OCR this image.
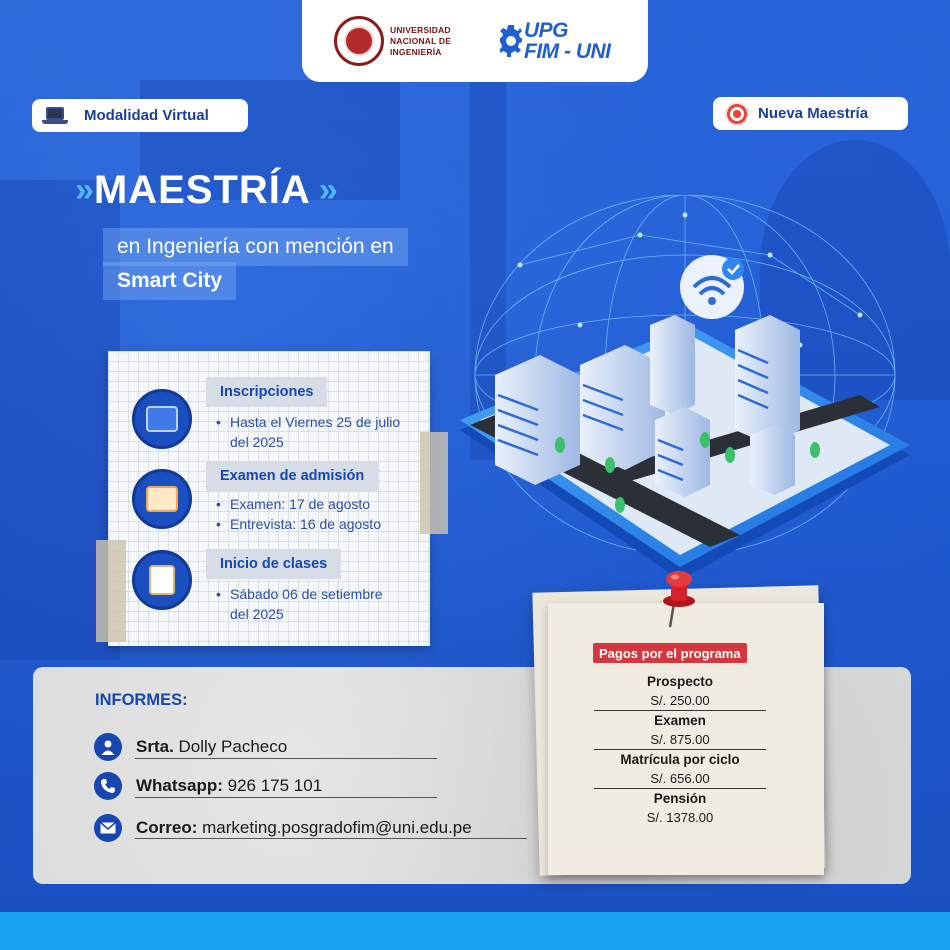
UNIVERSIDAD
NACIONAL DE
INGENIERÍA
UPG
FIM - UNI
Modalidad Virtual	Nueva Maestría
» MAESTRÍA »
en Ingeniería con mención en
Smart City
Inscripciones
• Hasta el Viernes 25 de julio del 2025
Examen de admisión
• Examen: 17 de agosto
• Entrevista: 16 de agosto
Inicio de clases
• Sábado 06 de setiembre del 2025
INFORMES:
Srta. Dolly Pacheco
Whatsapp: 926 175 101
Correo: marketing.posgradofim@uni.edu.pe
Pagos por el programa
Prospecto
S/. 250.00
Examen
S/. 875.00
Matrícula por ciclo
S/. 656.00
Pensión
S/. 1378.00
